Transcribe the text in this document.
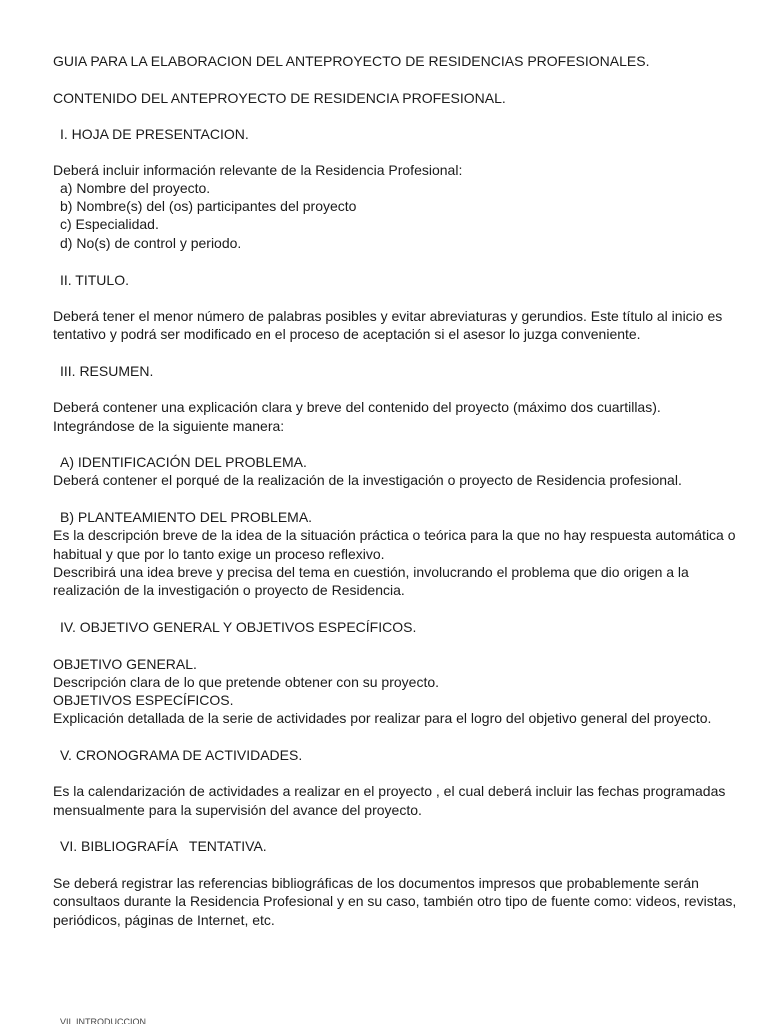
GUIA PARA LA ELABORACION DEL ANTEPROYECTO DE RESIDENCIAS PROFESIONALES.
CONTENIDO DEL ANTEPROYECTO DE RESIDENCIA PROFESIONAL.
I. HOJA DE PRESENTACION.
Deberá incluir información relevante de la Residencia Profesional:
a) Nombre del proyecto.
b) Nombre(s) del (os) participantes del proyecto
c) Especialidad.
d) No(s) de control y periodo.
II. TITULO.
Deberá tener el menor número de palabras posibles y evitar abreviaturas y gerundios. Este título al inicio es
tentativo y podrá ser modificado en el proceso de aceptación si el asesor lo juzga conveniente.
III. RESUMEN.
Deberá contener una explicación clara y breve del contenido del proyecto (máximo dos cuartillas).
Integrándose de la siguiente manera:
A) IDENTIFICACIÓN DEL PROBLEMA.
Deberá contener el porqué de la realización de la investigación o proyecto de Residencia profesional.
B) PLANTEAMIENTO DEL PROBLEMA.
Es la descripción breve de la idea de la situación práctica o teórica para la que no hay respuesta automática o
habitual y que por lo tanto exige un proceso reflexivo.
Describirá una idea breve y precisa del tema en cuestión, involucrando el problema que dio origen a la
realización de la investigación o proyecto de Residencia.
IV. OBJETIVO GENERAL Y OBJETIVOS ESPECÍFICOS.
OBJETIVO GENERAL.
Descripción clara de lo que pretende obtener con su proyecto.
OBJETIVOS ESPECÍFICOS.
Explicación detallada de la serie de actividades por realizar para el logro del objetivo general del proyecto.
V. CRONOGRAMA DE ACTIVIDADES.
Es la calendarización de actividades a realizar en el proyecto , el cual deberá incluir las fechas programadas
mensualmente para la supervisión del avance del proyecto.
VI. BIBLIOGRAFÍA   TENTATIVA.
Se deberá registrar las referencias bibliográficas de los documentos impresos que probablemente serán
consultaos durante la Residencia Profesional y en su caso, también otro tipo de fuente como: videos, revistas,
periódicos, páginas de Internet, etc.
VII. INTRODUCCION.
